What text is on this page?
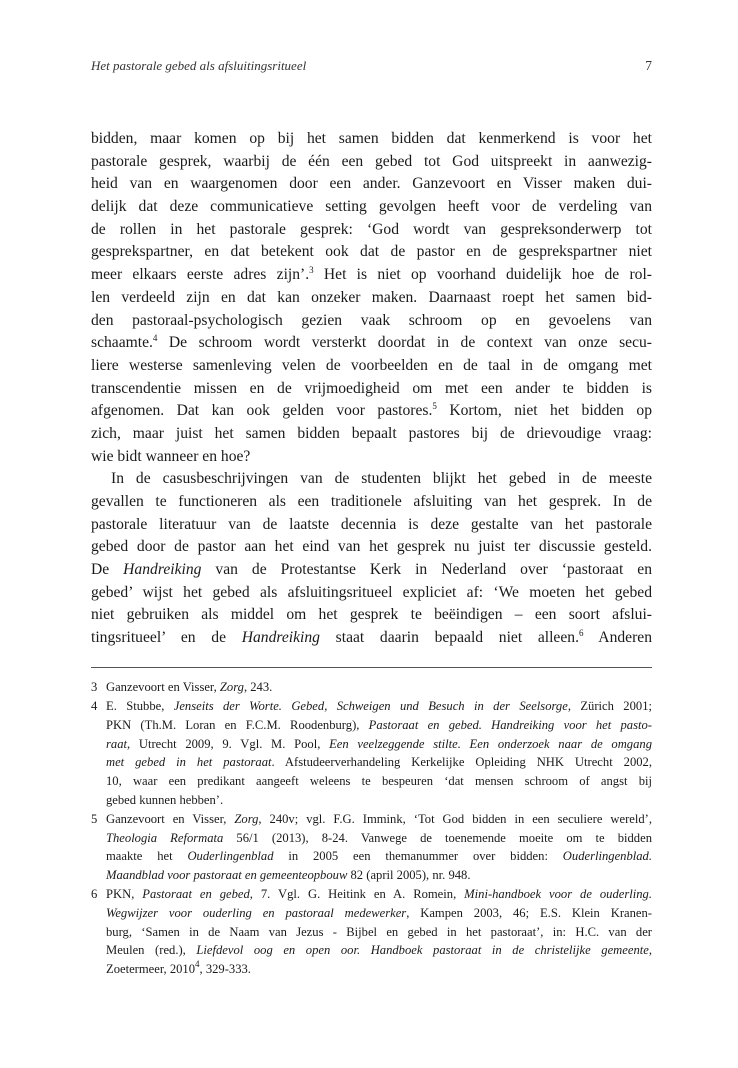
Het pastorale gebed als afsluitingsritueel	7
bidden, maar komen op bij het samen bidden dat kenmerkend is voor het
pastorale gesprek, waarbij de één een gebed tot God uitspreekt in aanwezig-
heid van en waargenomen door een ander. Ganzevoort en Visser maken dui-
delijk dat deze communicatieve setting gevolgen heeft voor de verdeling van
de rollen in het pastorale gesprek: ‘God wordt van gespreksonderwerp tot
gesprekspartner, en dat betekent ook dat de pastor en de gesprekspartner niet
meer elkaars eerste adres zijn’.$^3$ Het is niet op voorhand duidelijk hoe de rol-
len verdeeld zijn en dat kan onzeker maken. Daarnaast roept het samen bid-
den pastoraal-psychologisch gezien vaak schroom op en gevoelens van
schaamte.$^4$ De schroom wordt versterkt doordat in de context van onze secu-
liere westerse samenleving velen de voorbeelden en de taal in de omgang met
transcendentie missen en de vrijmoedigheid om met een ander te bidden is
afgenomen. Dat kan ook gelden voor pastores.$^5$ Kortom, niet het bidden op
zich, maar juist het samen bidden bepaalt pastores bij de drievoudige vraag:
wie bidt wanneer en hoe?
In de casusbeschrijvingen van de studenten blijkt het gebed in de meeste
gevallen te functioneren als een traditionele afsluiting van het gesprek. In de
pastorale literatuur van de laatste decennia is deze gestalte van het pastorale
gebed door de pastor aan het eind van het gesprek nu juist ter discussie gesteld.
De Handreiking van de Protestantse Kerk in Nederland over ‘pastoraat en
gebed’ wijst het gebed als afsluitingsritueel expliciet af: ‘We moeten het gebed
niet gebruiken als middel om het gesprek te beëindigen – een soort afslui-
tingsritueel’ en de Handreiking staat daarin bepaald niet alleen.$^6$ Anderen
3 Ganzevoort en Visser, Zorg, 243.
4 E. Stubbe, Jenseits der Worte. Gebed, Schweigen und Besuch in der Seelsorge, Zürich 2001;
PKN (Th.M. Loran en F.C.M. Roodenburg), Pastoraat en gebed. Handreiking voor het pasto-
raat, Utrecht 2009, 9. Vgl. M. Pool, Een veelzeggende stilte. Een onderzoek naar de omgang
met gebed in het pastoraat. Afstudeerverhandeling Kerkelijke Opleiding NHK Utrecht 2002,
10, waar een predikant aangeeft weleens te bespeuren ‘dat mensen schroom of angst bij
gebed kunnen hebben’.
5 Ganzevoort en Visser, Zorg, 240v; vgl. F.G. Immink, ‘Tot God bidden in een seculiere wereld’,
Theologia Reformata 56/1 (2013), 8-24. Vanwege de toenemende moeite om te bidden
maakte het Ouderlingenblad in 2005 een themanummer over bidden: Ouderlingenblad.
Maandblad voor pastoraat en gemeenteopbouw 82 (april 2005), nr. 948.
6 PKN, Pastoraat en gebed, 7. Vgl. G. Heitink en A. Romein, Mini-handboek voor de ouderling.
Wegwijzer voor ouderling en pastoraal medewerker, Kampen 2003, 46; E.S. Klein Kranen-
burg, ‘Samen in de Naam van Jezus - Bijbel en gebed in het pastoraat’, in: H.C. van der
Meulen (red.), Liefdevol oog en open oor. Handboek pastoraat in de christelijke gemeente,
Zoetermeer, 2010$^4$, 329-333.
